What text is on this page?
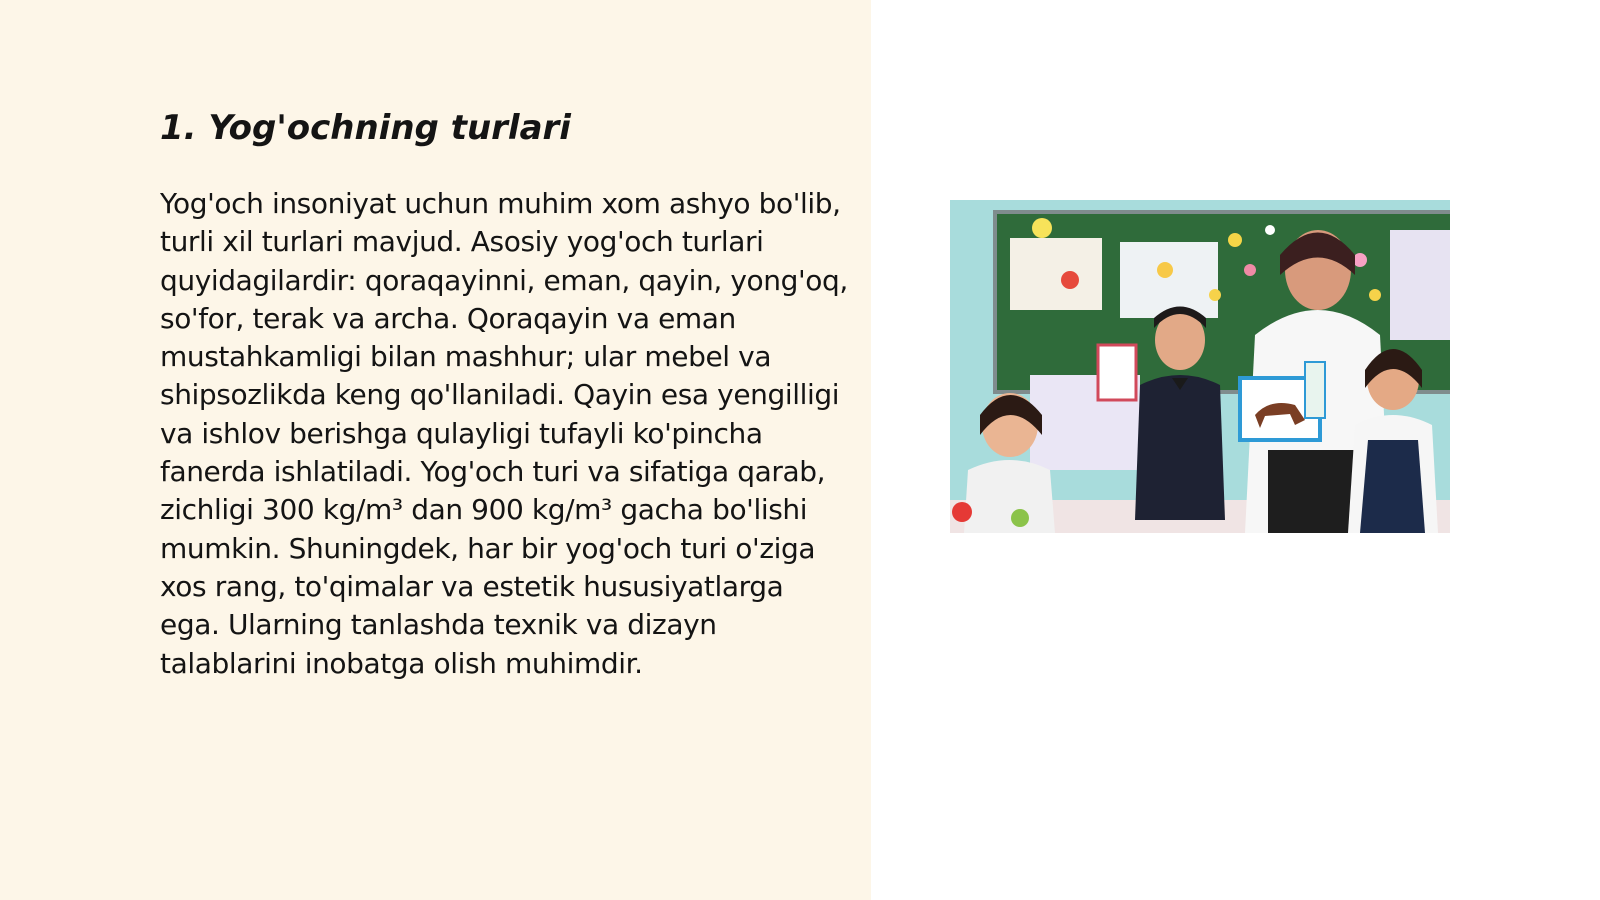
1. Yog'ochning turlari

Yog'och insoniyat uchun muhim xom ashyo bo'lib, turli xil turlari mavjud. Asosiy yog'och turlari quyidagilardir: qoraqayinni, eman, qayin, yong'oq, so'for, terak va archa. Qoraqayin va eman mustahkamligi bilan mashhur; ular mebel va shipsozlikda keng qo'llaniladi. Qayin esa yengilligi va ishlov berishga qulayligi tufayli ko'pincha fanerda ishlatiladi. Yog'och turi va sifatiga qarab, zichligi 300 kg/m³ dan 900 kg/m³ gacha bo'lishi mumkin. Shuningdek, har bir yog'och turi o'ziga xos rang, to'qimalar va estetik hususiyatlarga ega. Ularning tanlashda texnik va dizayn talablarini inobatga olish muhimdir.
